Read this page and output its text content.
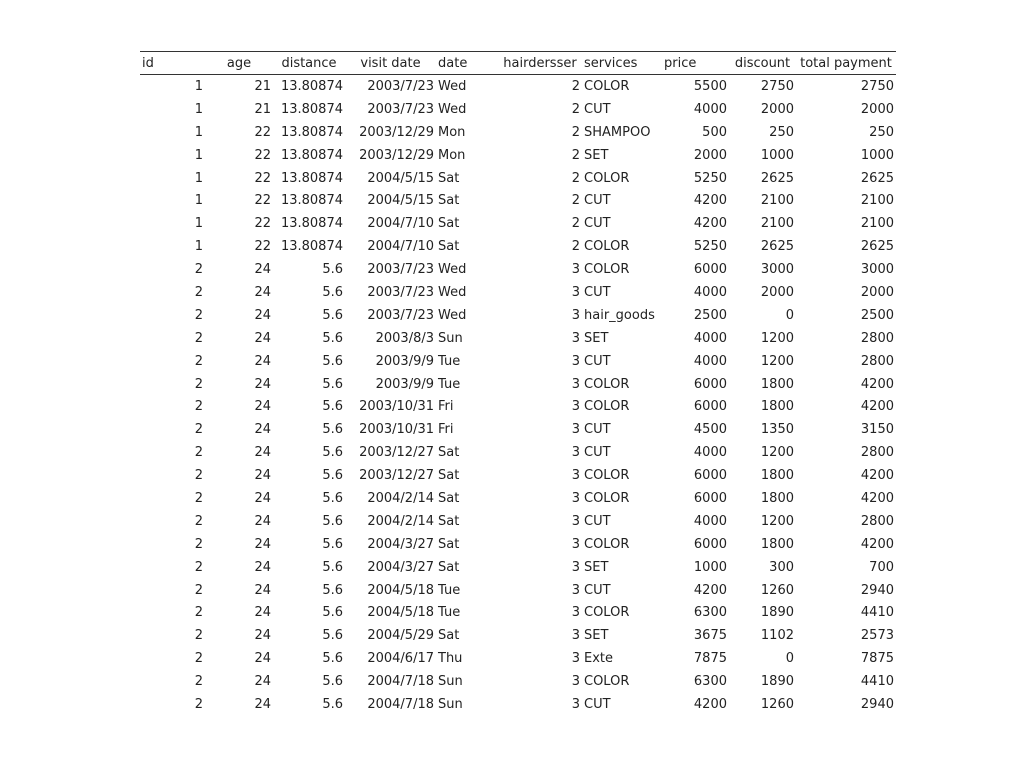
id	age	distance	visit date	date	hairdersser	services	price	discount	total payment
1	21	13.80874	2003/7/23	Wed	2	COLOR	5500	2750	2750
1	21	13.80874	2003/7/23	Wed	2	CUT	4000	2000	2000
1	22	13.80874	2003/12/29	Mon	2	SHAMPOO	500	250	250
1	22	13.80874	2003/12/29	Mon	2	SET	2000	1000	1000
1	22	13.80874	2004/5/15	Sat	2	COLOR	5250	2625	2625
1	22	13.80874	2004/5/15	Sat	2	CUT	4200	2100	2100
1	22	13.80874	2004/7/10	Sat	2	CUT	4200	2100	2100
1	22	13.80874	2004/7/10	Sat	2	COLOR	5250	2625	2625
2	24	5.6	2003/7/23	Wed	3	COLOR	6000	3000	3000
2	24	5.6	2003/7/23	Wed	3	CUT	4000	2000	2000
2	24	5.6	2003/7/23	Wed	3	hair_goods	2500	0	2500
2	24	5.6	2003/8/3	Sun	3	SET	4000	1200	2800
2	24	5.6	2003/9/9	Tue	3	CUT	4000	1200	2800
2	24	5.6	2003/9/9	Tue	3	COLOR	6000	1800	4200
2	24	5.6	2003/10/31	Fri	3	COLOR	6000	1800	4200
2	24	5.6	2003/10/31	Fri	3	CUT	4500	1350	3150
2	24	5.6	2003/12/27	Sat	3	CUT	4000	1200	2800
2	24	5.6	2003/12/27	Sat	3	COLOR	6000	1800	4200
2	24	5.6	2004/2/14	Sat	3	COLOR	6000	1800	4200
2	24	5.6	2004/2/14	Sat	3	CUT	4000	1200	2800
2	24	5.6	2004/3/27	Sat	3	COLOR	6000	1800	4200
2	24	5.6	2004/3/27	Sat	3	SET	1000	300	700
2	24	5.6	2004/5/18	Tue	3	CUT	4200	1260	2940
2	24	5.6	2004/5/18	Tue	3	COLOR	6300	1890	4410
2	24	5.6	2004/5/29	Sat	3	SET	3675	1102	2573
2	24	5.6	2004/6/17	Thu	3	Exte	7875	0	7875
2	24	5.6	2004/7/18	Sun	3	COLOR	6300	1890	4410
2	24	5.6	2004/7/18	Sun	3	CUT	4200	1260	2940
